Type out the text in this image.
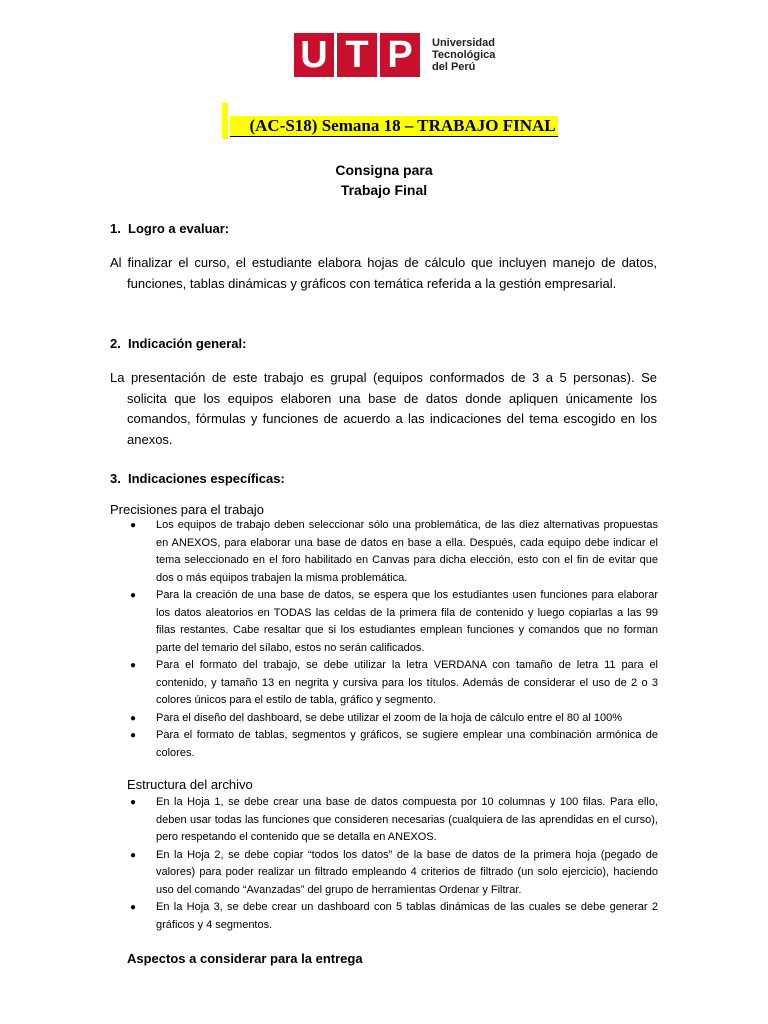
U T P	Universidad
Tecnológica
del Perú
(AC-S18) Semana 18 – TRABAJO FINAL
Consigna para
Trabajo Final
1. Logro a evaluar:
Al finalizar el curso, el estudiante elabora hojas de cálculo que incluyen manejo de datos, funciones, tablas dinámicas y gráficos con temática referida a la gestión empresarial.
2. Indicación general:
La presentación de este trabajo es grupal (equipos conformados de 3 a 5 personas). Se solicita que los equipos elaboren una base de datos donde apliquen únicamente los comandos, fórmulas y funciones de acuerdo a las indicaciones del tema escogido en los anexos.
3. Indicaciones específicas:
Precisiones para el trabajo
● Los equipos de trabajo deben seleccionar sólo una problemática, de las diez alternativas propuestas en ANEXOS, para elaborar una base de datos en base a ella. Después, cada equipo debe indicar el tema seleccionado en el foro habilitado en Canvas para dicha elección, esto con el fin de evitar que dos o más equipos trabajen la misma problemática.
● Para la creación de una base de datos, se espera que los estudiantes usen funciones para elaborar los datos aleatorios en TODAS las celdas de la primera fila de contenido y luego copiarlas a las 99 filas restantes. Cabe resaltar que si los estudiantes emplean funciones y comandos que no forman parte del temario del sílabo, estos no serán calificados.
● Para el formato del trabajo, se debe utilizar la letra VERDANA con tamaño de letra 11 para el contenido, y tamaño 13 en negrita y cursiva para los títulos. Además de considerar el uso de 2 o 3 colores únicos para el estilo de tabla, gráfico y segmento.
● Para el diseño del dashboard, se debe utilizar el zoom de la hoja de cálculo entre el 80 al 100%
● Para el formato de tablas, segmentos y gráficos, se sugiere emplear una combinación armónica de colores.
Estructura del archivo
● En la Hoja 1, se debe crear una base de datos compuesta por 10 columnas y 100 filas. Para ello, deben usar todas las funciones que consideren necesarias (cualquiera de las aprendidas en el curso), pero respetando el contenido que se detalla en ANEXOS.
● En la Hoja 2, se debe copiar “todos los datos” de la base de datos de la primera hoja (pegado de valores) para poder realizar un filtrado empleando 4 criterios de filtrado (un solo ejercicio), haciendo uso del comando “Avanzadas” del grupo de herramientas Ordenar y Filtrar.
● En la Hoja 3, se debe crear un dashboard con 5 tablas dinámicas de las cuales se debe generar 2 gráficos y 4 segmentos.
Aspectos a considerar para la entrega
